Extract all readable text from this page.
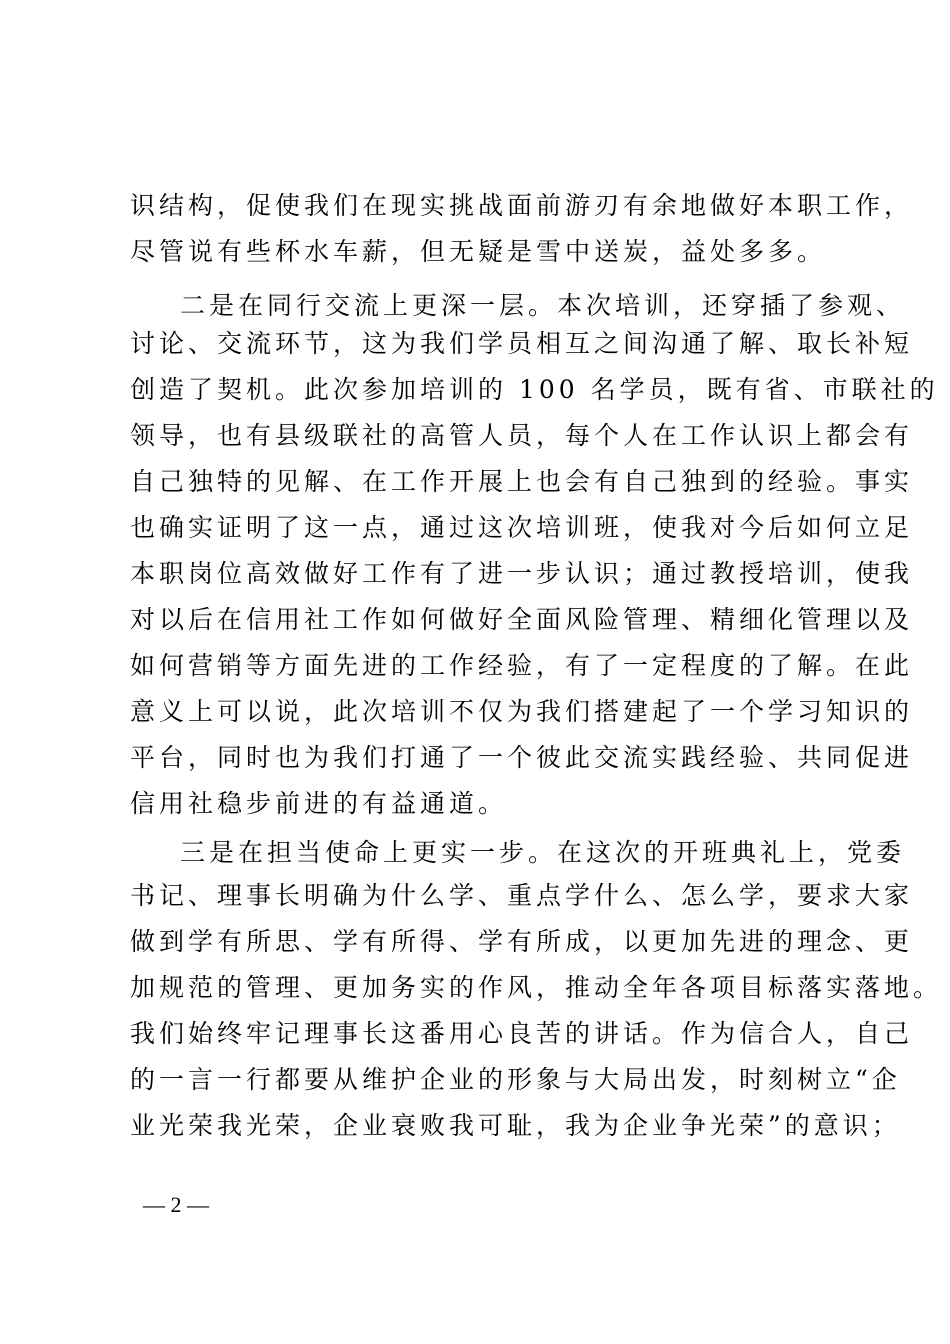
识结构，促使我们在现实挑战面前游刃有余地做好本职工作，
尽管说有些杯水车薪，但无疑是雪中送炭，益处多多。
二是在同行交流上更深一层。本次培训，还穿插了参观、
讨论、交流环节，这为我们学员相互之间沟通了解、取长补短
创造了契机。此次参加培训的 100 名学员，既有省、市联社的
领导，也有县级联社的高管人员，每个人在工作认识上都会有
自己独特的见解、在工作开展上也会有自己独到的经验。事实
也确实证明了这一点，通过这次培训班，使我对今后如何立足
本职岗位高效做好工作有了进一步认识；通过教授培训，使我
对以后在信用社工作如何做好全面风险管理、精细化管理以及
如何营销等方面先进的工作经验，有了一定程度的了解。在此
意义上可以说，此次培训不仅为我们搭建起了一个学习知识的
平台，同时也为我们打通了一个彼此交流实践经验、共同促进
信用社稳步前进的有益通道。
三是在担当使命上更实一步。在这次的开班典礼上，党委
书记、理事长明确为什么学、重点学什么、怎么学，要求大家
做到学有所思、学有所得、学有所成，以更加先进的理念、更
加规范的管理、更加务实的作风，推动全年各项目标落实落地。
我们始终牢记理事长这番用心良苦的讲话。作为信合人，自己
的一言一行都要从维护企业的形象与大局出发，时刻树立“企
业光荣我光荣，企业衰败我可耻，我为企业争光荣”的意识；
— 2 —
